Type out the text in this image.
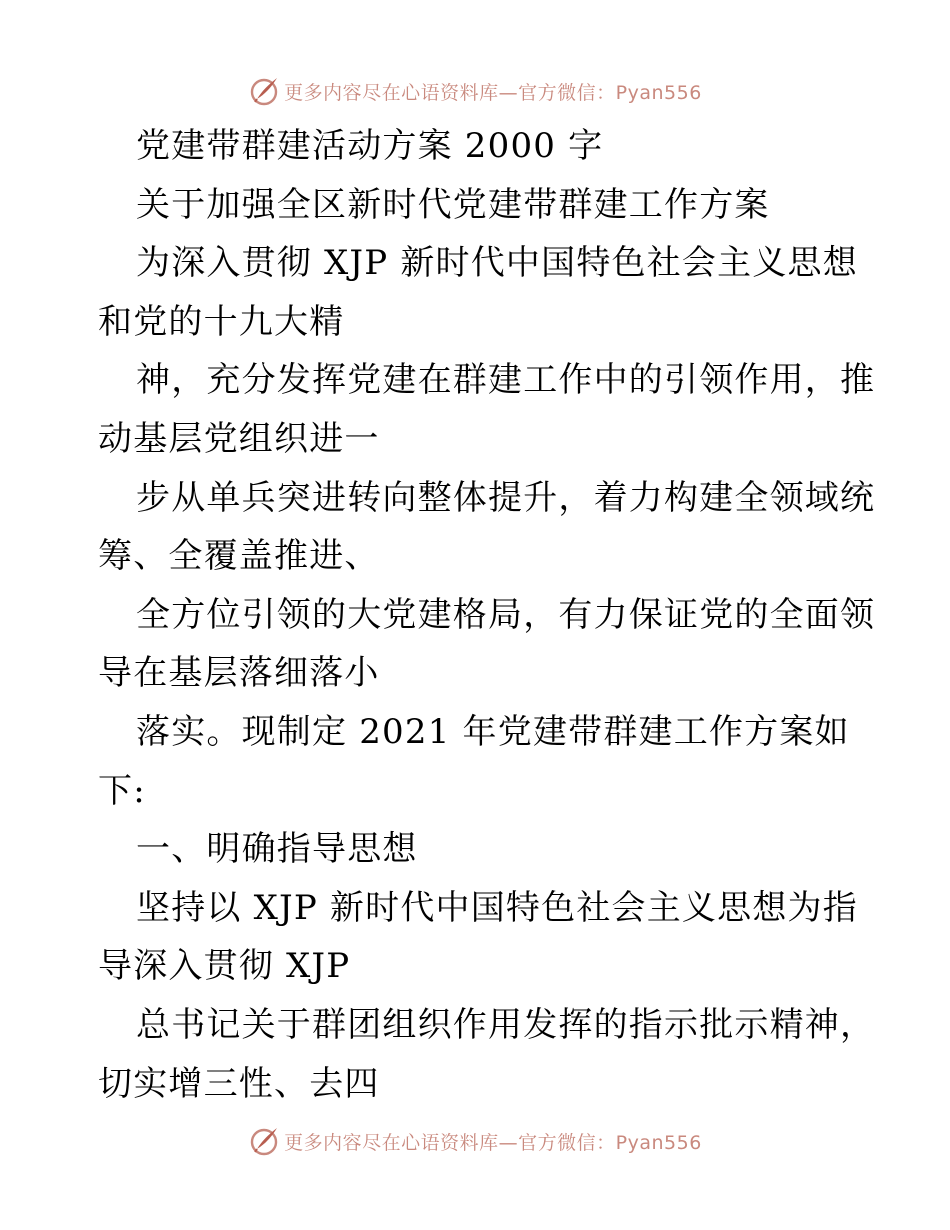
更多内容尽在心语资料库—官方微信：Pyan556
党建带群建活动方案 2000 字
关于加强全区新时代党建带群建工作方案
为深入贯彻 XJP 新时代中国特色社会主义思想
和党的十九大精
神，充分发挥党建在群建工作中的引领作用，推
动基层党组织进一
步从单兵突进转向整体提升，着力构建全领域统
筹、全覆盖推进、
全方位引领的大党建格局，有力保证党的全面领
导在基层落细落小
落实。现制定 2021 年党建带群建工作方案如
下:
一、明确指导思想
坚持以 XJP 新时代中国特色社会主义思想为指
导深入贯彻 XJP
总书记关于群团组织作用发挥的指示批示精神，
切实增三性、去四
更多内容尽在心语资料库—官方微信：Pyan556
